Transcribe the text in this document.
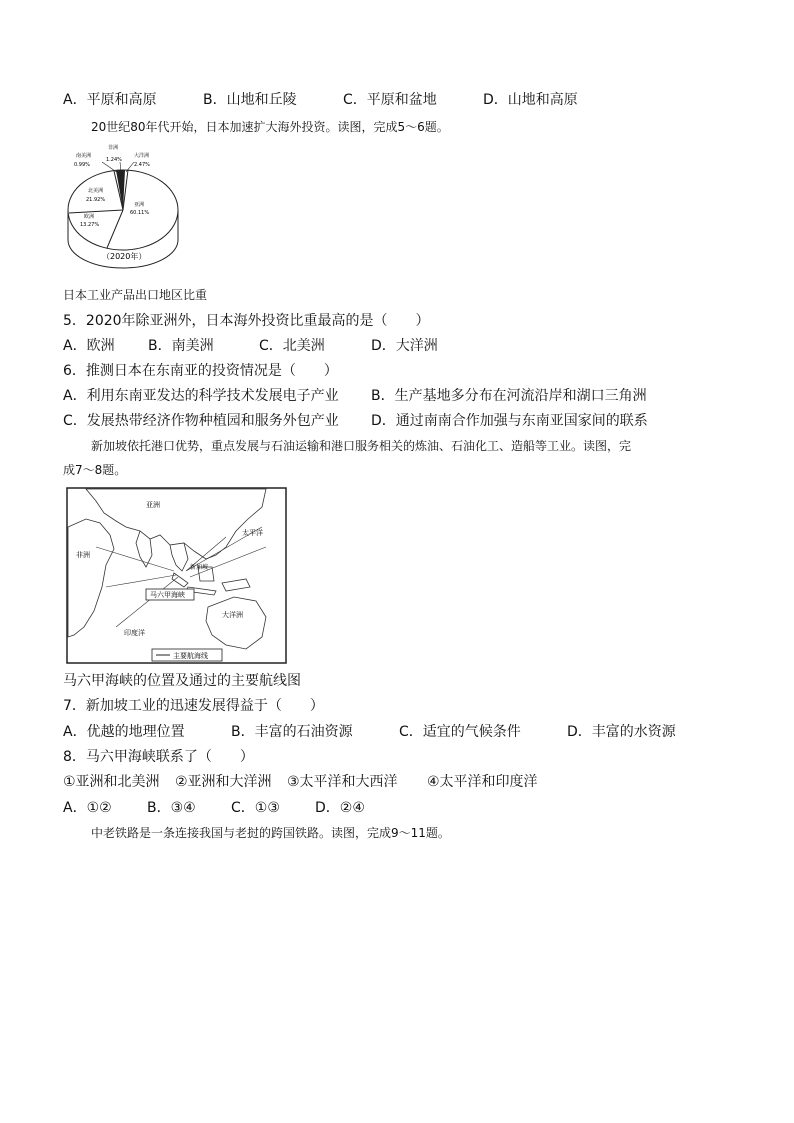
A．平原和高原	B．山地和丘陵	C．平原和盆地	D．山地和高原
20世纪80年代开始，日本加速扩大海外投资。读图，完成5～6题。
非洲
1.24%
南美洲
0.99%
大洋洲
2.47%
北美洲
21.92%
欧洲
13.27%
亚洲
60.11%
（2020年）
日本工业产品出口地区比重
5．2020年除亚洲外，日本海外投资比重最高的是（　　）
A．欧洲 B．南美洲	C．北美洲	D．大洋洲
6．推测日本在东南亚的投资情况是（　　）
A．利用东南亚发达的科学技术发展电子产业 B．生产基地多分布在河流沿岸和湖口三角洲
C．发展热带经济作物种植园和服务外包产业 D．通过南南合作加强与东南亚国家间的联系
新加坡依托港口优势，重点发展与石油运输和港口服务相关的炼油、石油化工、造船等工业。读图，完
成7～8题。
亚洲
非洲
太平洋
新加坡
马六甲海峡
印度洋
大洋洲
主要航海线
马六甲海峡的位置及通过的主要航线图
7．新加坡工业的迅速发展得益于（　　）
A．优越的地理位置	B．丰富的石油资源	C．适宜的气候条件	D．丰富的水资源
8．马六甲海峡联系了（　　）
①亚洲和北美洲 ②亚洲和大洋洲 ③太平洋和大西洋 ④太平洋和印度洋
A．①②	B．③④	C．①③	D．②④
中老铁路是一条连接我国与老挝的跨国铁路。读图，完成9～11题。
